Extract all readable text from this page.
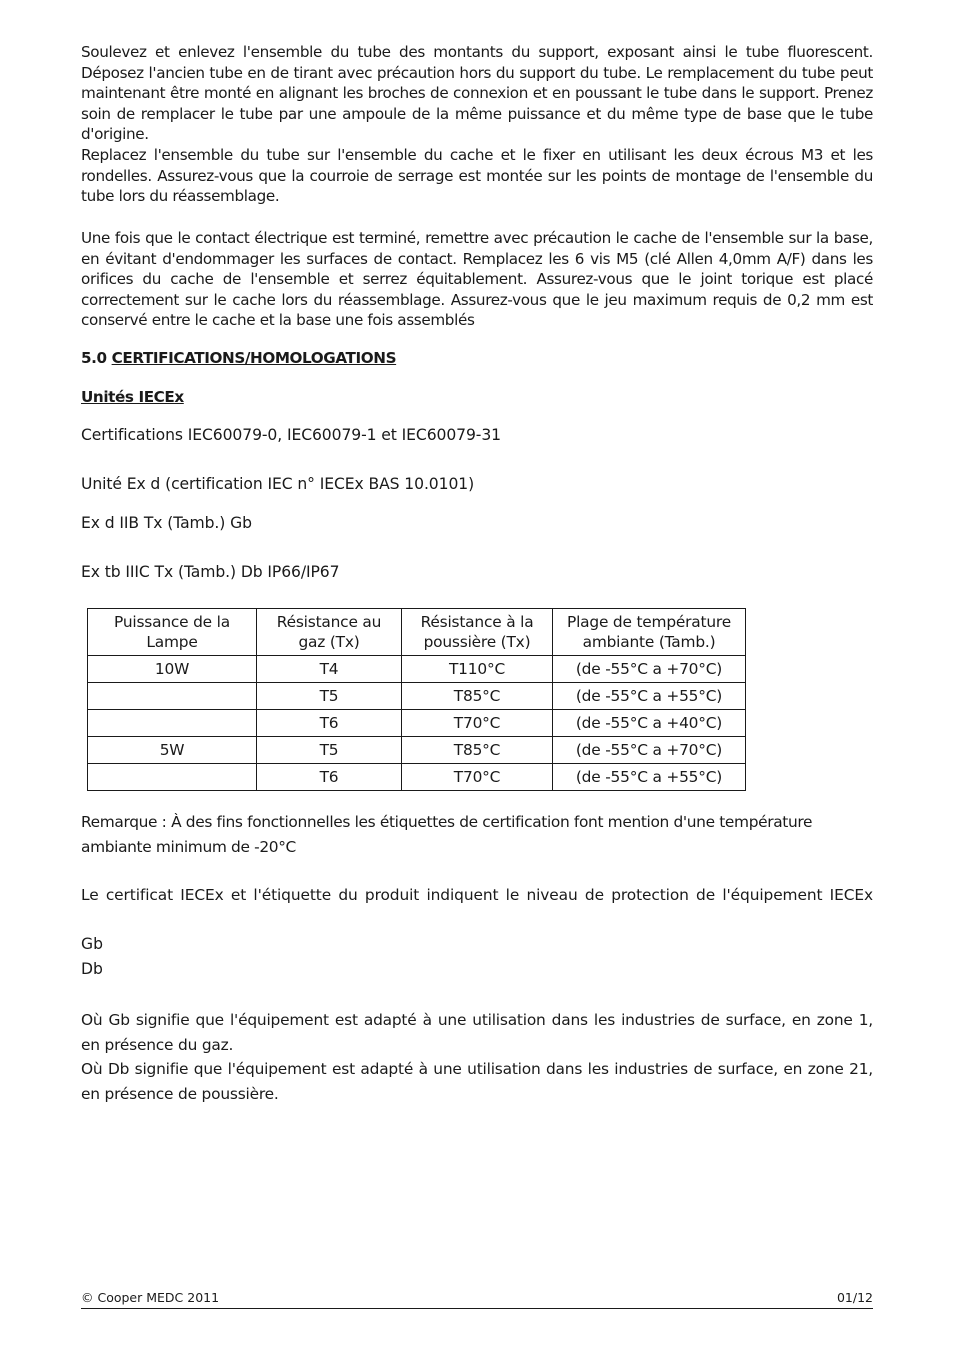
Soulevez et enlevez l'ensemble du tube des montants du support, exposant ainsi le tube fluorescent. Déposez l'ancien tube en de tirant avec précaution hors du support du tube. Le remplacement du tube peut maintenant être monté en alignant les broches de connexion et en poussant le tube dans le support. Prenez soin de remplacer le tube par une ampoule de la même puissance et du même type de base que le tube d'origine.

Replacez l'ensemble du tube sur l'ensemble du cache et le fixer en utilisant les deux écrous M3 et les rondelles. Assurez-vous que la courroie de serrage est montée sur les points de montage de l'ensemble du tube lors du réassemblage.

Une fois que le contact électrique est terminé, remettre avec précaution le cache de l'ensemble sur la base, en évitant d'endommager les surfaces de contact. Remplacez les 6 vis M5 (clé Allen 4,0mm A/F) dans les orifices du cache de l'ensemble et serrez équitablement. Assurez-vous que le joint torique est placé correctement sur le cache lors du réassemblage. Assurez-vous que le jeu maximum requis de 0,2 mm est conservé entre le cache et la base une fois assemblés

5.0 CERTIFICATIONS/HOMOLOGATIONS
Unités IECEx
Certifications IEC60079-0, IEC60079-1 et IEC60079-31
Unité Ex d (certification IEC n° IECEx BAS 10.0101)
Ex d IIB Tx (Tamb.) Gb
Ex tb IIIC Tx (Tamb.) Db IP66/IP67
Puissance de la Lampe	Résistance au gaz (Tx)	Résistance à la poussière (Tx)	Plage de température ambiante (Tamb.)
10W	T4	T110°C	(de -55°C a +70°C)
	T5	T85°C	(de -55°C a +55°C)
	T6	T70°C	(de -55°C a +40°C)
5W	T5	T85°C	(de -55°C a +70°C)
	T6	T70°C	(de -55°C a +55°C)
Remarque : À des fins fonctionnelles les étiquettes de certification font mention d'une température ambiante minimum de -20°C
Le certificat IECEx et l'étiquette du produit indiquent le niveau de protection de l'équipement IECEx
Gb
Db
Où Gb signifie que l'équipement est adapté à une utilisation dans les industries de surface, en zone 1, en présence du gaz.
Où Db signifie que l'équipement est adapté à une utilisation dans les industries de surface, en zone 21, en présence de poussière.
© Cooper MEDC 2011	01/12
